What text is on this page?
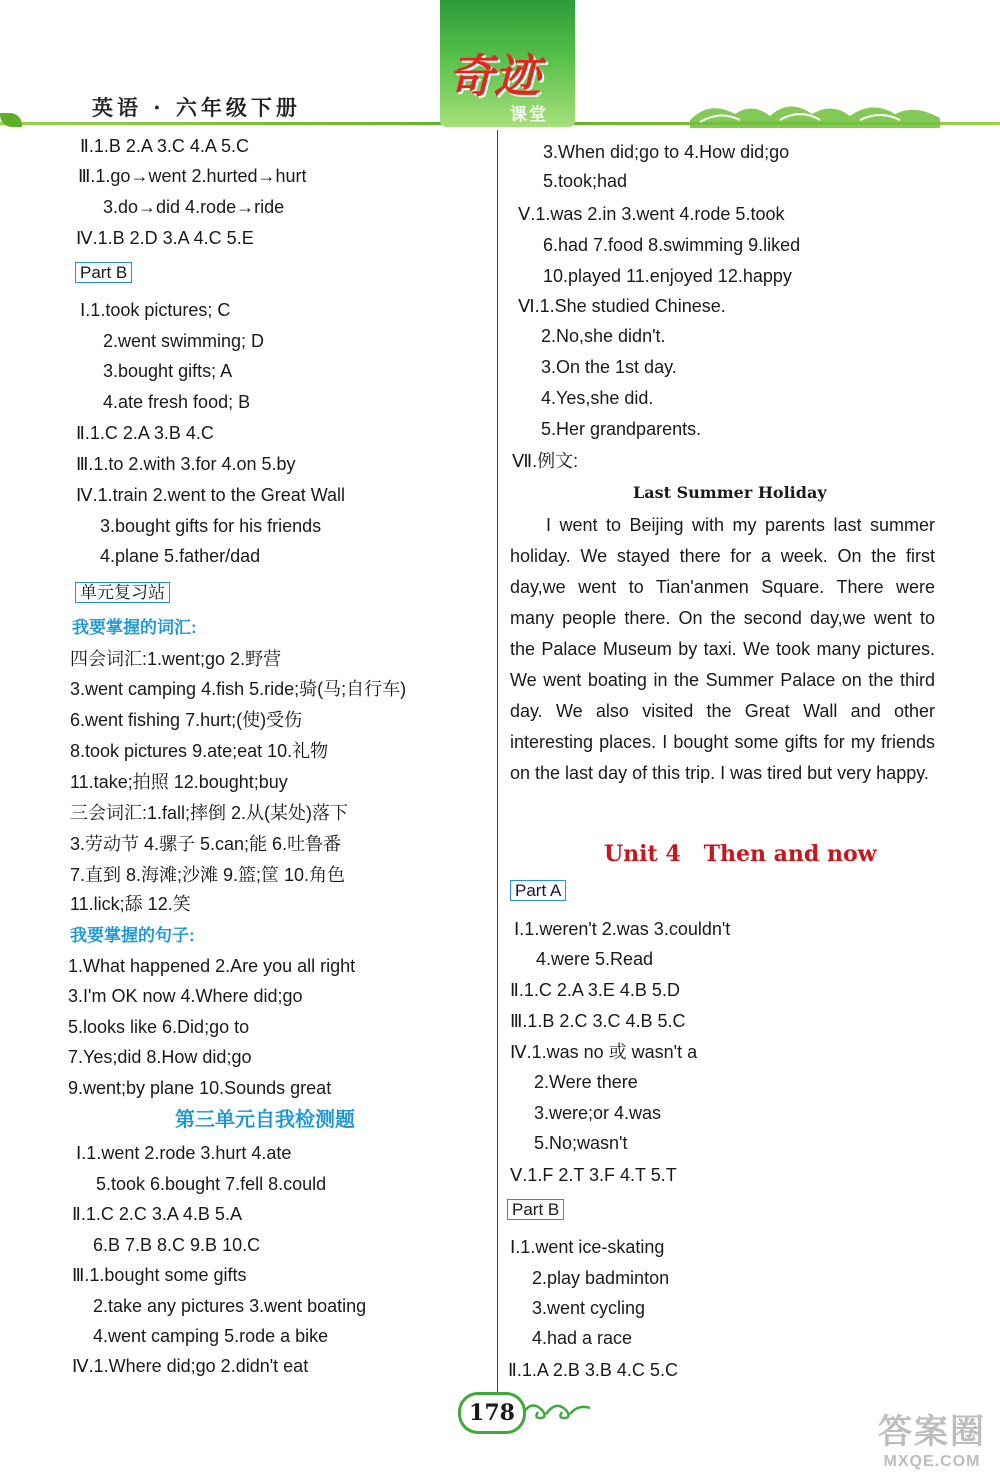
英语 · 六年级下册
奇迹
课堂
Ⅱ.1.B 2.A 3.C 4.A 5.C
Ⅲ.1.go→went 2.hurted→hurt
3.do→did 4.rode→ride
Ⅳ.1.B 2.D 3.A 4.C 5.E
Part B
Ⅰ.1.took pictures; C
2.went swimming; D
3.bought gifts; A
4.ate fresh food; B
Ⅱ.1.C 2.A 3.B 4.C
Ⅲ.1.to 2.with 3.for 4.on 5.by
Ⅳ.1.train 2.went to the Great Wall
3.bought gifts for his friends
4.plane 5.father/dad
单元复习站
我要掌握的词汇:
四会词汇:1.went;go 2.野营
3.went camping 4.fish 5.ride;骑(马;自行车)
6.went fishing 7.hurt;(使)受伤
8.took pictures 9.ate;eat 10.礼物
11.take;拍照 12.bought;buy
三会词汇:1.fall;摔倒 2.从(某处)落下
3.劳动节 4.骡子 5.can;能 6.吐鲁番
7.直到 8.海滩;沙滩 9.篮;筐 10.角色
11.lick;舔 12.笑
我要掌握的句子:
1.What happened 2.Are you all right
3.I'm OK now 4.Where did;go
5.looks like 6.Did;go to
7.Yes;did 8.How did;go
9.went;by plane 10.Sounds great
第三单元自我检测题
Ⅰ.1.went 2.rode 3.hurt 4.ate
5.took 6.bought 7.fell 8.could
Ⅱ.1.C 2.C 3.A 4.B 5.A
6.B 7.B 8.C 9.B 10.C
Ⅲ.1.bought some gifts
2.take any pictures 3.went boating
4.went camping 5.rode a bike
Ⅳ.1.Where did;go 2.didn't eat
3.When did;go to 4.How did;go
5.took;had
Ⅴ.1.was 2.in 3.went 4.rode 5.took
6.had 7.food 8.swimming 9.liked
10.played 11.enjoyed 12.happy
Ⅵ.1.She studied Chinese.
2.No,she didn't.
3.On the 1st day.
4.Yes,she did.
5.Her grandparents.
Ⅶ.例文:
Last Summer Holiday

I went to Beijing with my parents last summer holiday. We stayed there for a week. On the first day,we went to Tian'anmen Square. There were many people there. On the second day,we went to the Palace Museum by taxi. We took many pictures. We went boating in the Summer Palace on the third day. We also visited the Great Wall and other interesting places. I bought some gifts for my friends on the last day of this trip. I was tired but very happy.

Unit 4 Then and now
Part A
Ⅰ.1.weren't 2.was 3.couldn't
4.were 5.Read
Ⅱ.1.C 2.A 3.E 4.B 5.D
Ⅲ.1.B 2.C 3.C 4.B 5.C
Ⅳ.1.was no 或 wasn't a
2.Were there
3.were;or 4.was
5.No;wasn't
Ⅴ.1.F 2.T 3.F 4.T 5.T
Part B
Ⅰ.1.went ice-skating
2.play badminton
3.went cycling
4.had a race
Ⅱ.1.A 2.B 3.B 4.C 5.C
178	答案圈
MXQE.COM
